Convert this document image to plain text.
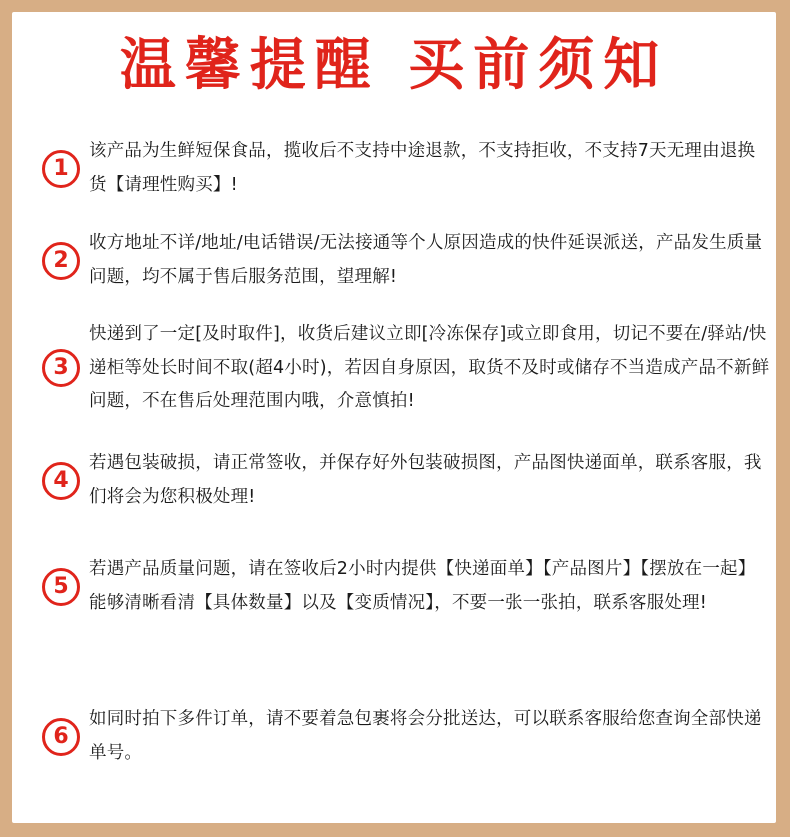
温馨提醒 买前须知
1
该产品为生鲜短保食品，揽收后不支持中途退款，不支持拒收，不支持7天无理由退换货【请理性购买】!
2
收方地址不详/地址/电话错误/无法接通等个人原因造成的快件延误派送，产品发生质量问题，均不属于售后服务范围，望理解!
3
快递到了一定[及时取件]，收货后建议立即[冷冻保存]或立即食用，切记不要在/驿站/快递柜等处长时间不取(超4小时)，若因自身原因，取货不及时或储存不当造成产品不新鲜问题，不在售后处理范围内哦，介意慎拍!
4
若遇包装破损，请正常签收，并保存好外包装破损图，产品图快递面单，联系客服，我们将会为您积极处理!
5
若遇产品质量问题，请在签收后2小时内提供【快递面单】【产品图片】【摆放在一起】能够清晰看清【具体数量】以及【变质情况】，不要一张一张拍，联系客服处理!
6
如同时拍下多件订单，请不要着急包裹将会分批送达，可以联系客服给您查询全部快递单号。
